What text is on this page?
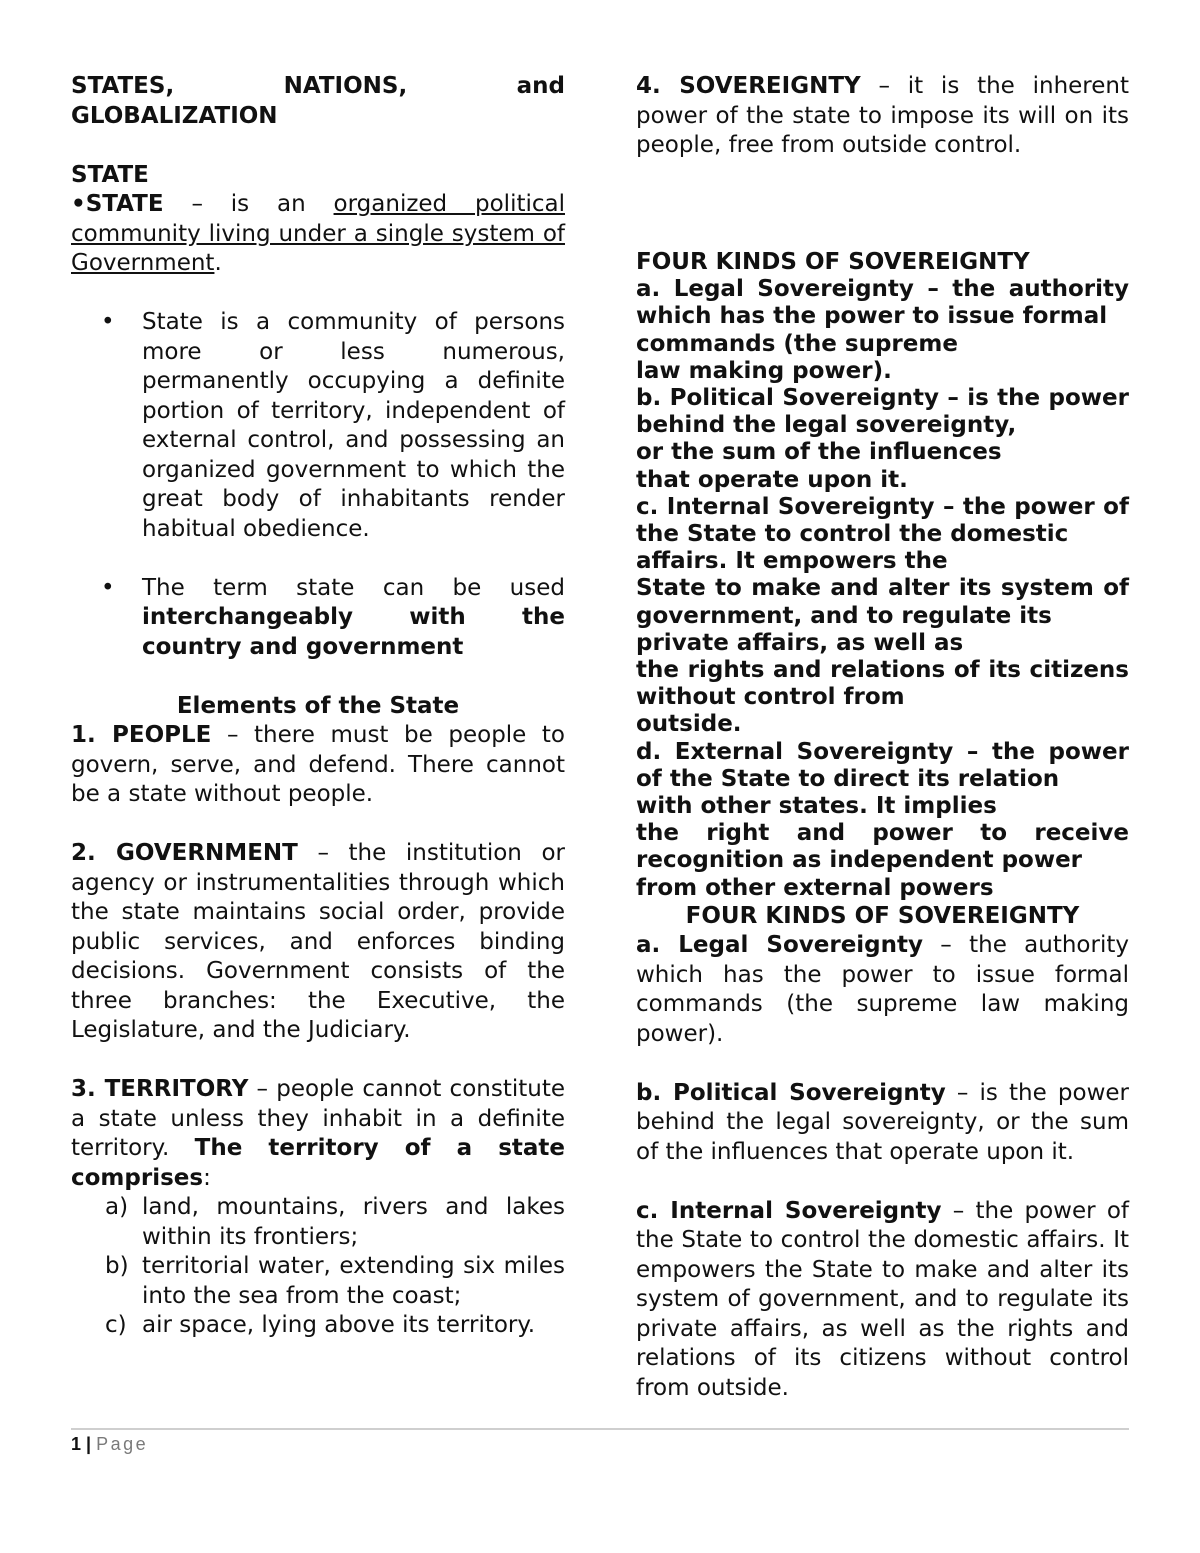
STATES,	NATIONS,	and
GLOBALIZATION
STATE

•STATE – is an organized political community living under a single system of Government.

• State is a community of persons more or less numerous, permanently occupying a definite portion of territory, independent of external control, and possessing an organized government to which the great body of inhabitants render habitual obedience.
• The term state can be used interchangeably with the country and government
Elements of the State

1. PEOPLE – there must be people to govern, serve, and defend. There cannot be a state without people.

2. GOVERNMENT – the institution or agency or instrumentalities through which the state maintains social order, provide public services, and enforces binding decisions. Government consists of the three branches: the Executive, the Legislature, and the Judiciary.

3. TERRITORY – people cannot constitute a state unless they inhabit in a definite territory. The territory of a state comprises:

a) land, mountains, rivers and lakes within its frontiers;
b) territorial water, extending six miles into the sea from the coast;
c) air space, lying above its territory.

4. SOVEREIGNTY – it is the inherent power of the state to impose its will on its people, free from outside control.

FOUR KINDS OF SOVEREIGNTY

a. Legal Sovereignty – the authority which has the power to issue formal

commands (the supreme
law making power).

b. Political Sovereignty – is the power behind the legal sovereignty,

or the sum of the influences
that operate upon it.

c. Internal Sovereignty – the power of the State to control the domestic

affairs. It empowers the

State to make and alter its system of government, and to regulate its

private affairs, as well as

the rights and relations of its citizens without control from

outside.

d. External Sovereignty – the power of the State to direct its relation

with other states. It implies

the right and power to receive recognition as independent power

from other external powers
FOUR KINDS OF SOVEREIGNTY

a. Legal Sovereignty – the authority which has the power to issue formal commands (the supreme law making power).

b. Political Sovereignty – is the power behind the legal sovereignty, or the sum of the influences that operate upon it.

c. Internal Sovereignty – the power of the State to control the domestic affairs. It empowers the State to make and alter its system of government, and to regulate its private affairs, as well as the rights and relations of its citizens without control from outside.

1 | Page
